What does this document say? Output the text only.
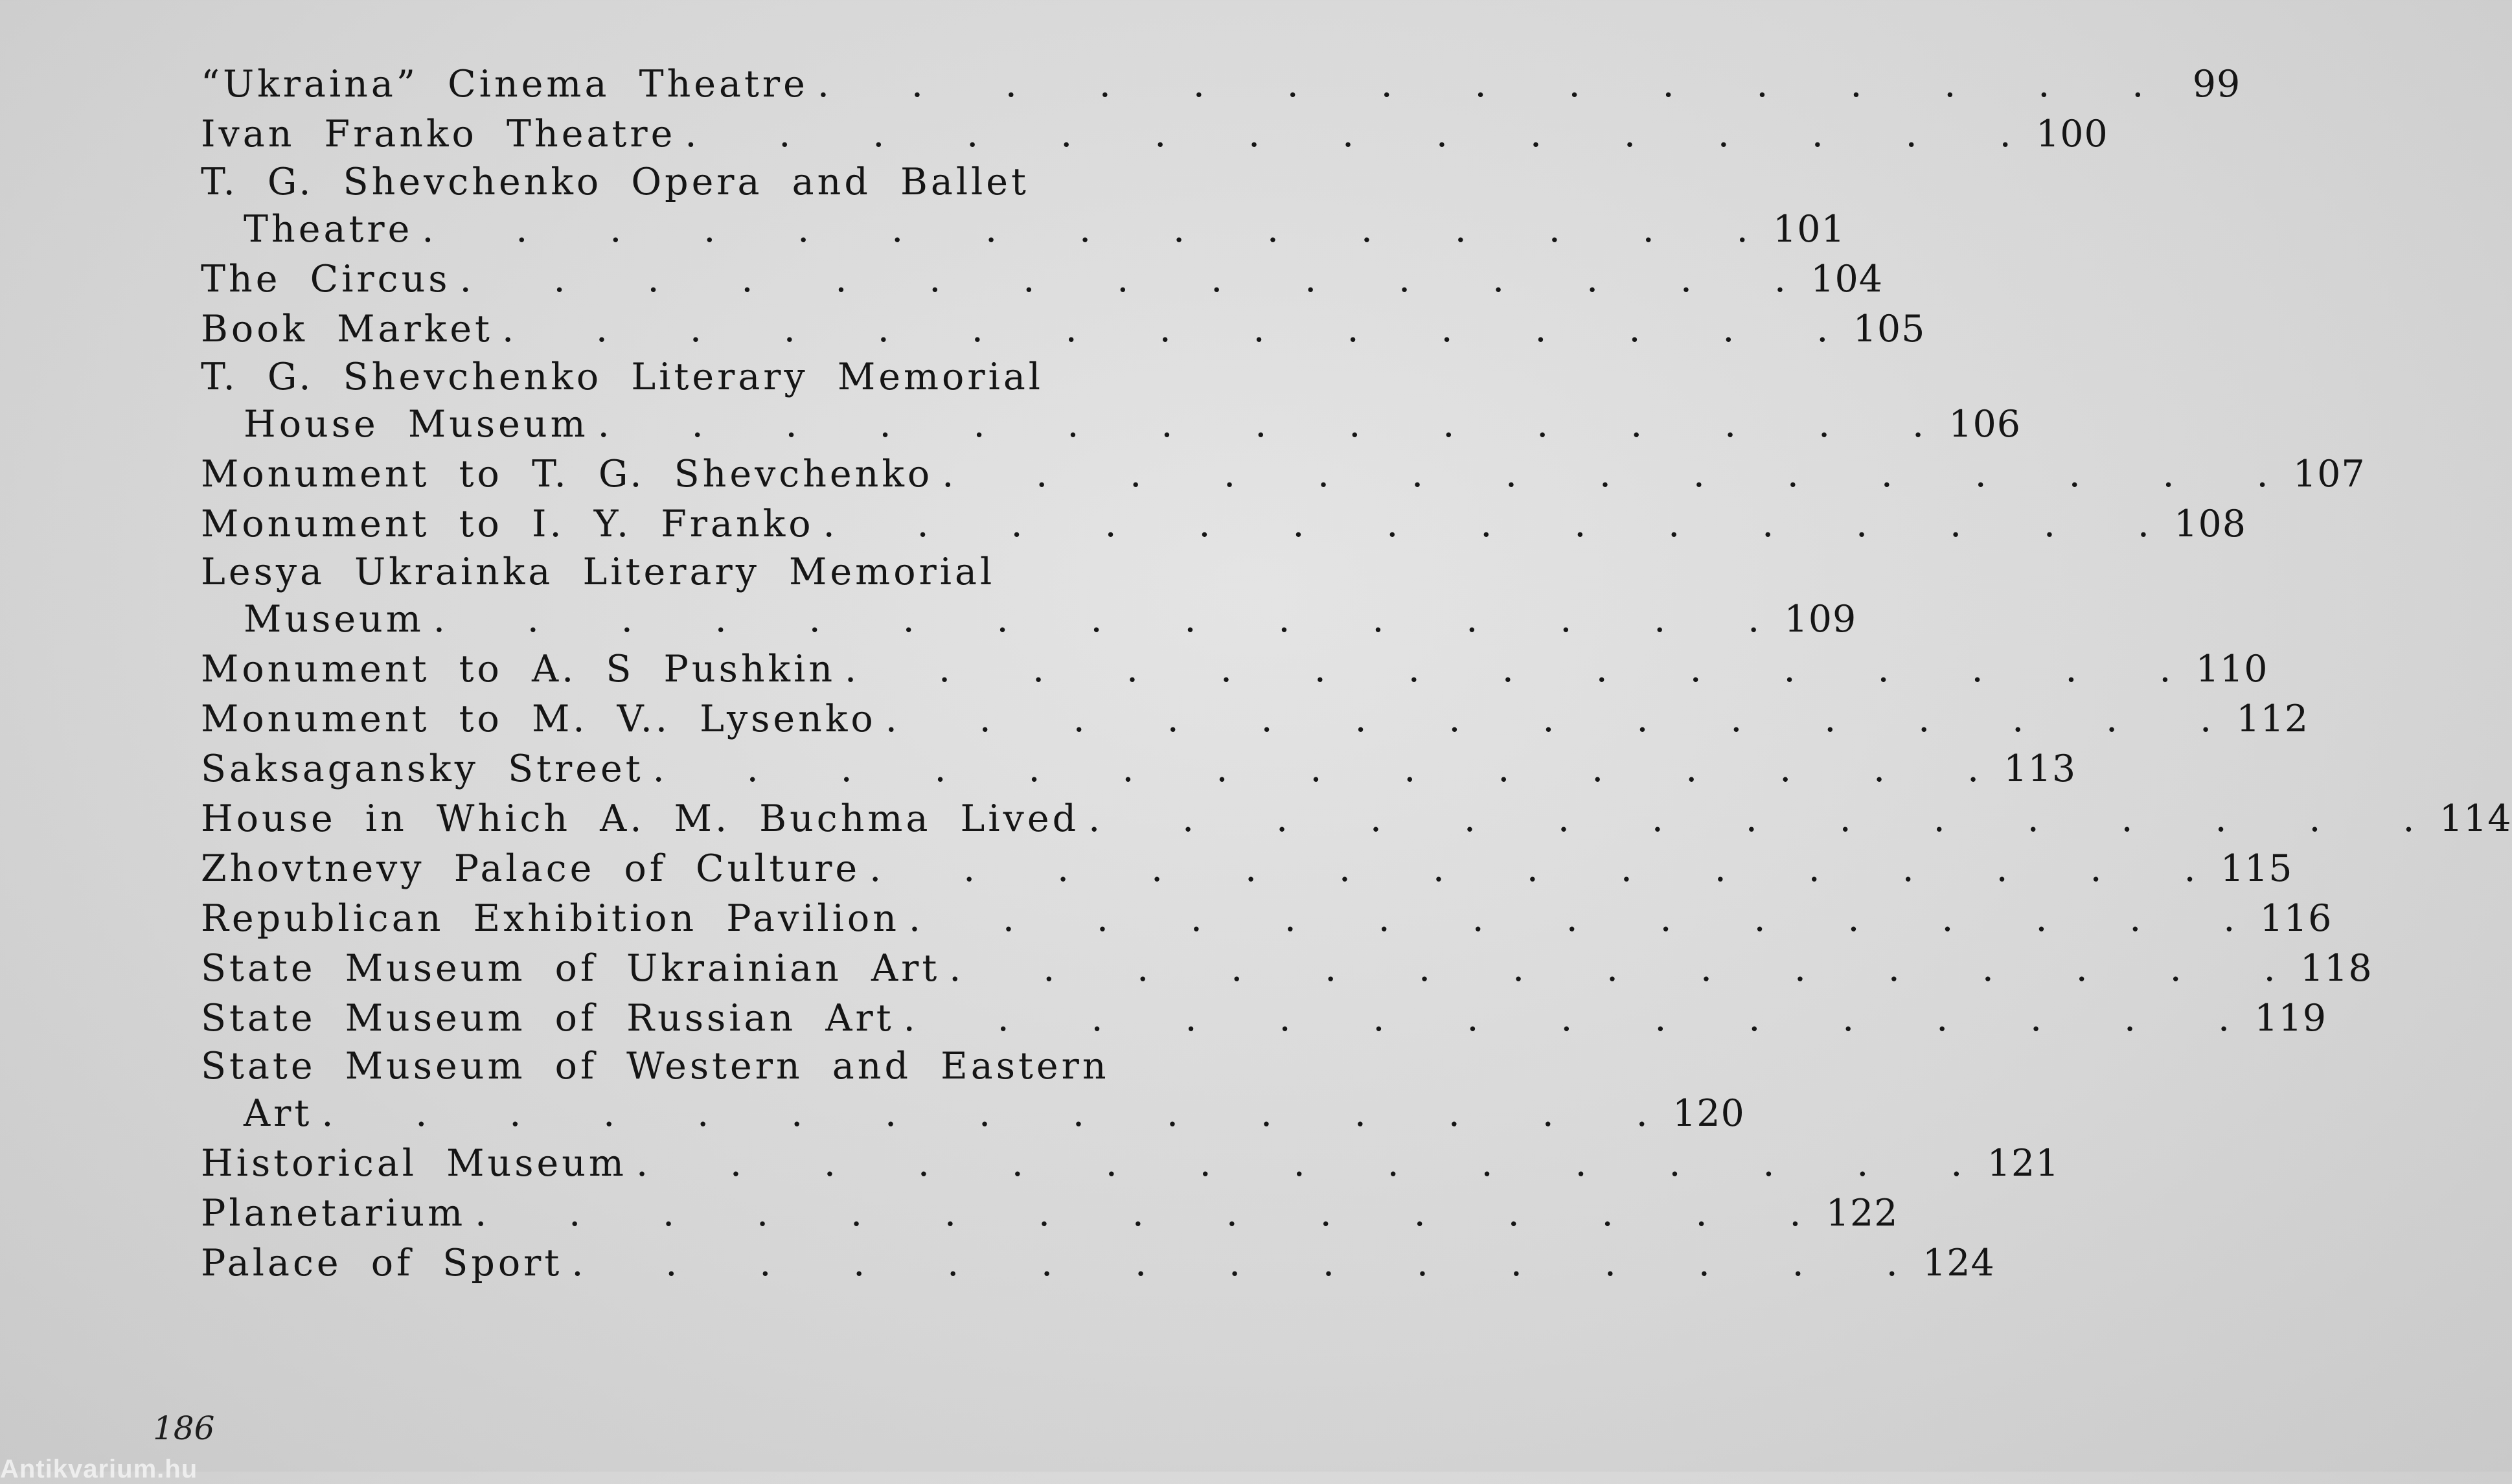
“Ukraina” Cinema Theatre .	99
Ivan Franko Theatre .	100
T. G. Shevchenko Opera and Ballet
Theatre .	101
The Circus .	104
Book Market .	105
T. G. Shevchenko Literary Memorial
House Museum .	106
Monument to T. G. Shevchenko .	107
Monument to I. Y. Franko .	108
Lesya Ukrainka Literary Memorial
Museum .	109
Monument to A. S Pushkin .	110
Monument to M. V.. Lysenko .	112
Saksagansky Street .	113
House in Which A. M. Buchma Lived .	114
Zhovtnevy Palace of Culture .	115
Republican Exhibition Pavilion .	116
State Museum of Ukrainian Art .	118
State Museum of Russian Art .	119
State Museum of Western and Eastern
Art .	120
Historical Museum .	121
Planetarium .	122
Palace of Sport .	124
186
Antikvarium.hu
